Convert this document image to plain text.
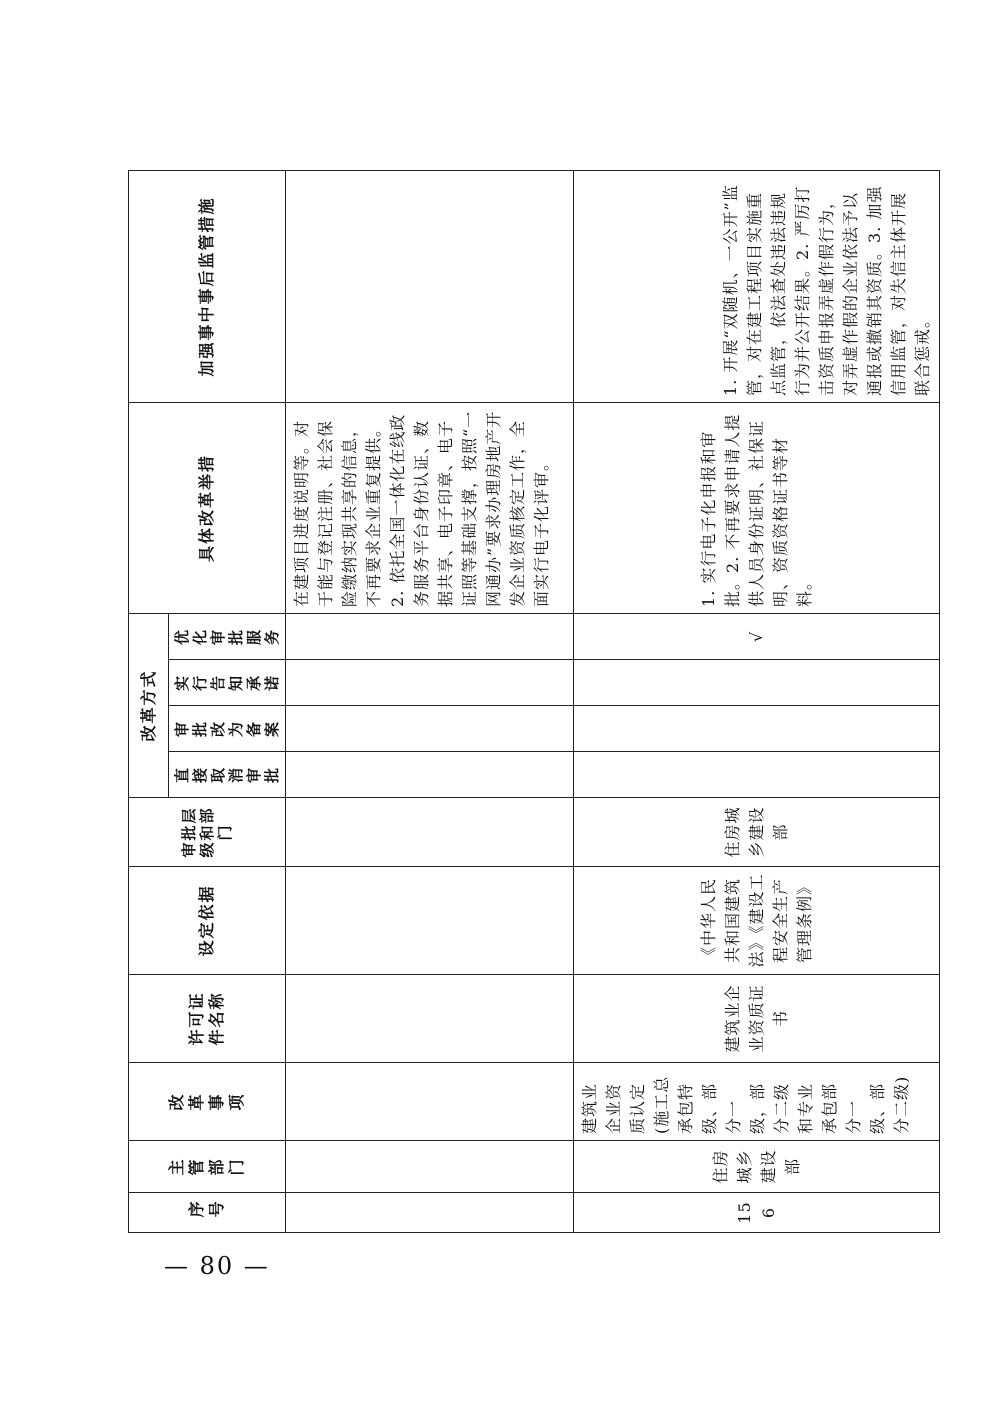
序号	主管部门	改革事项	许可证件名称	设定依据	审批层级和部门	改革方式				具体改革举措	加强事中事后监管措施
						直接取消审批	审批改为备案	实行告知承诺	优化审批服务		
										在建项目进度说明等。对于能与登记注册、社会保险缴纳实现共享的信息，不再要求企业重复提供。2. 依托全国一体化在线政务服务平台身份认证、数据共享、电子印章、电子证照等基础支撑，按照“一网通办”要求办理房地产开发企业资质核定工作，全面实行电子化评审。	
156	住房城乡建设部	建筑业企业资质认定(施工总承包特级、部分一级，部分二级和专业承包部分一级、部分二级)	建筑业企业资质证书	《中华人民共和国建筑法》《建设工程安全生产管理条例》	住房城乡建设部				√	1. 实行电子化申报和审批。2. 不再要求申请人提供人员身份证明、社保证明、资质资格证书等材料。	1. 开展“双随机、一公开”监管，对在建工程项目实施重点监管，依法查处违法违规行为并公开结果。2. 严厉打击资质申报弄虚作假行为，对弄虚作假的企业依法予以通报或撤销其资质。3. 加强信用监管，对失信主体开展联合惩戒。
— 80 —
